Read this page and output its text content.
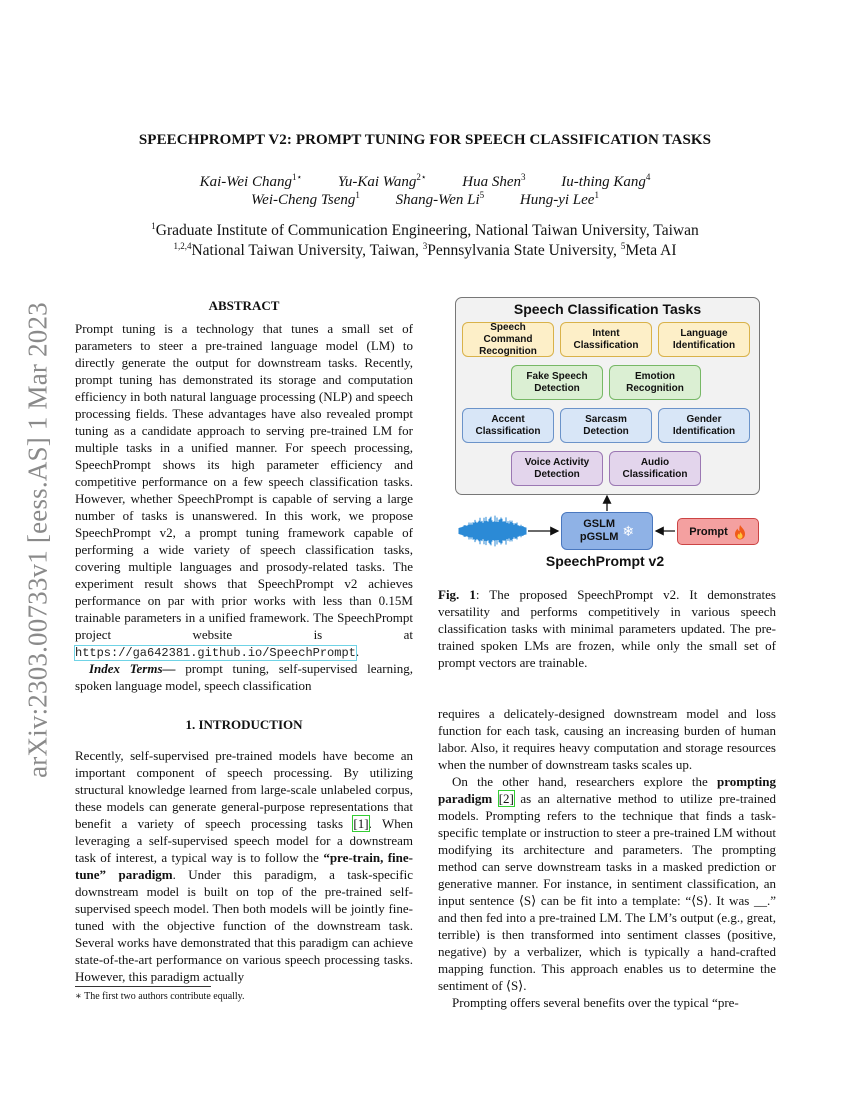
arXiv:2303.00733v1 [eess.AS] 1 Mar 2023
SPEECHPROMPT V2: PROMPT TUNING FOR SPEECH CLASSIFICATION TASKS
Kai-Wei Chang$^{1⋆}$ Yu-Kai Wang$^{2⋆}$ Hua Shen$^3$ Iu-thing Kang$^4$
Wei-Cheng Tseng$^1$ Shang-Wen Li$^5$ Hung-yi Lee$^1$
$^1$Graduate Institute of Communication Engineering, National Taiwan University, Taiwan
$^{1,2,4}$National Taiwan University, Taiwan, $^3$Pennsylvania State University, $^5$Meta AI
ABSTRACT

Prompt tuning is a technology that tunes a small set of parameters to steer a pre-trained language model (LM) to directly generate the output for downstream tasks. Recently, prompt tuning has demonstrated its storage and computation efficiency in both natural language processing (NLP) and speech processing fields. These advantages have also revealed prompt tuning as a candidate approach to serving pre-trained LM for multiple tasks in a unified manner. For speech processing, SpeechPrompt shows its high parameter efficiency and competitive performance on a few speech classification tasks. However, whether SpeechPrompt is capable of serving a large number of tasks is unanswered. In this work, we propose SpeechPrompt v2, a prompt tuning framework capable of performing a wide variety of speech classification tasks, covering multiple languages and prosody-related tasks. The experiment result shows that SpeechPrompt v2 achieves performance on par with prior works with less than 0.15M trainable parameters in a unified framework. The SpeechPrompt project website is at https://ga642381.github.io/SpeechPrompt.

Index Terms— prompt tuning, self-supervised learning, spoken language model, speech classification

1. INTRODUCTION

Recently, self-supervised pre-trained models have become an important component of speech processing. By utilizing structural knowledge learned from large-scale unlabeled corpus, these models can generate general-purpose representations that benefit a variety of speech processing tasks [1]. When leveraging a self-supervised speech model for a downstream task of interest, a typical way is to follow the “pre-train, fine-tune” paradigm. Under this paradigm, a task-specific downstream model is built on top of the pre-trained self-supervised speech model. Then both models will be jointly fine-tuned with the objective function of the downstream task. Several works have demonstrated that this paradigm can achieve state-of-the-art performance on various speech processing tasks. However, this paradigm actually

∗ The first two authors contribute equally.
Speech Classification Tasks
Speech Command Recognition
Intent Classification
Language Identification
Fake Speech Detection
Emotion Recognition
Accent Classification
Sarcasm Detection
Gender Identification
Voice Activity Detection
Audio Classification
GSLM
pGSLM ❄	Prompt
SpeechPrompt v2
Fig. 1: The proposed SpeechPrompt v2. It demonstrates versatility and performs competitively in various speech classification tasks with minimal parameters updated. The pre-trained spoken LMs are frozen, while only the small set of prompt vectors are trainable.

requires a delicately-designed downstream model and loss function for each task, causing an increasing burden of human labor. Also, it requires heavy computation and storage resources when the number of downstream tasks scales up.

On the other hand, researchers explore the prompting paradigm [2] as an alternative method to utilize pre-trained models. Prompting refers to the technique that finds a task-specific template or instruction to steer a pre-trained LM without modifying its architecture and parameters. The prompting method can serve downstream tasks in a masked prediction or generative manner. For instance, in sentiment classification, an input sentence ⟨S⟩ can be fit into a template: “⟨S⟩. It was __.” and then fed into a pre-trained LM. The LM’s output (e.g., great, terrible) is then transformed into sentiment classes (positive, negative) by a verbalizer, which is typically a hand-crafted mapping function. This approach enables us to determine the sentiment of ⟨S⟩.

Prompting offers several benefits over the typical “pre-
